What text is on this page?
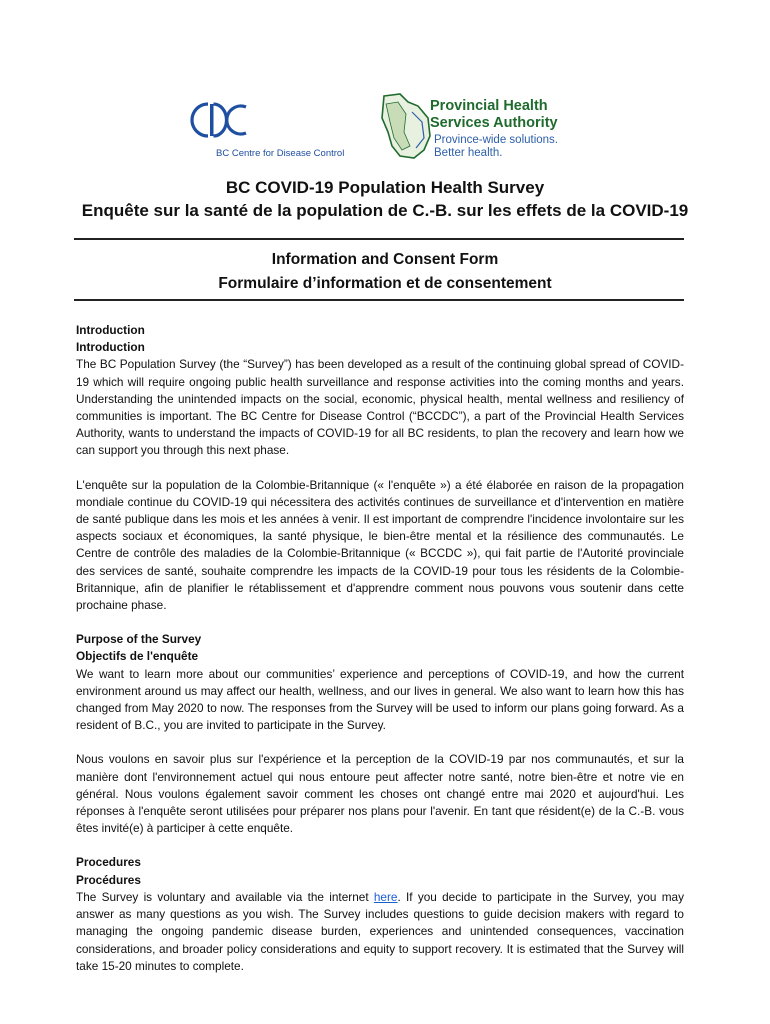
BC Centre for Disease Control
Provincial Health
Services Authority
Province-wide solutions.
Better health.
BC COVID-19 Population Health Survey
Enquête sur la santé de la population de C.-B. sur les effets de la COVID-19
Information and Consent Form
Formulaire d’information et de consentement
Introduction
Introduction
The BC Population Survey (the “Survey”) has been developed as a result of the continuing global spread of COVID-19 which will require ongoing public health surveillance and response activities into the coming months and years. Understanding the unintended impacts on the social, economic, physical health, mental wellness and resiliency of communities is important. The BC Centre for Disease Control (“BCCDC”), a part of the Provincial Health Services Authority, wants to understand the impacts of COVID-19 for all BC residents, to plan the recovery and learn how we can support you through this next phase.
L'enquête sur la population de la Colombie-Britannique (« l'enquête ») a été élaborée en raison de la propagation mondiale continue du COVID-19 qui nécessitera des activités continues de surveillance et d'intervention en matière de santé publique dans les mois et les années à venir. Il est important de comprendre l'incidence involontaire sur les aspects sociaux et économiques, la santé physique, le bien-être mental et la résilience des communautés. Le Centre de contrôle des maladies de la Colombie-Britannique (« BCCDC »), qui fait partie de l'Autorité provinciale des services de santé, souhaite comprendre les impacts de la COVID-19 pour tous les résidents de la Colombie-Britannique, afin de planifier le rétablissement et d'apprendre comment nous pouvons vous soutenir dans cette prochaine phase.
Purpose of the Survey
Objectifs de l'enquête
We want to learn more about our communities’ experience and perceptions of COVID-19, and how the current environment around us may affect our health, wellness, and our lives in general. We also want to learn how this has changed from May 2020 to now. The responses from the Survey will be used to inform our plans going forward. As a resident of B.C., you are invited to participate in the Survey.
Nous voulons en savoir plus sur l'expérience et la perception de la COVID-19 par nos communautés, et sur la manière dont l'environnement actuel qui nous entoure peut affecter notre santé, notre bien-être et notre vie en général. Nous voulons également savoir comment les choses ont changé entre mai 2020 et aujourd'hui. Les réponses à l'enquête seront utilisées pour préparer nos plans pour l'avenir. En tant que résident(e) de la C.-B. vous êtes invité(e) à participer à cette enquête.
Procedures
Procédures
The Survey is voluntary and available via the internet here. If you decide to participate in the Survey, you may answer as many questions as you wish. The Survey includes questions to guide decision makers with regard to managing the ongoing pandemic disease burden, experiences and unintended consequences, vaccination considerations, and broader policy considerations and equity to support recovery. It is estimated that the Survey will take 15-20 minutes to complete.
